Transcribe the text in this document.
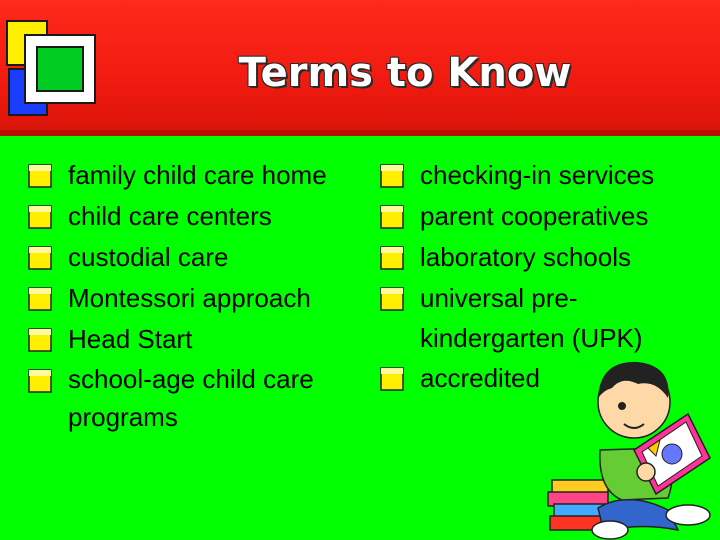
Terms to Know
family child care home
child care centers
custodial care
Montessori approach
Head Start
school-age child care programs
checking-in services
parent cooperatives
laboratory schools
universal pre-kindergarten (UPK)
accredited
